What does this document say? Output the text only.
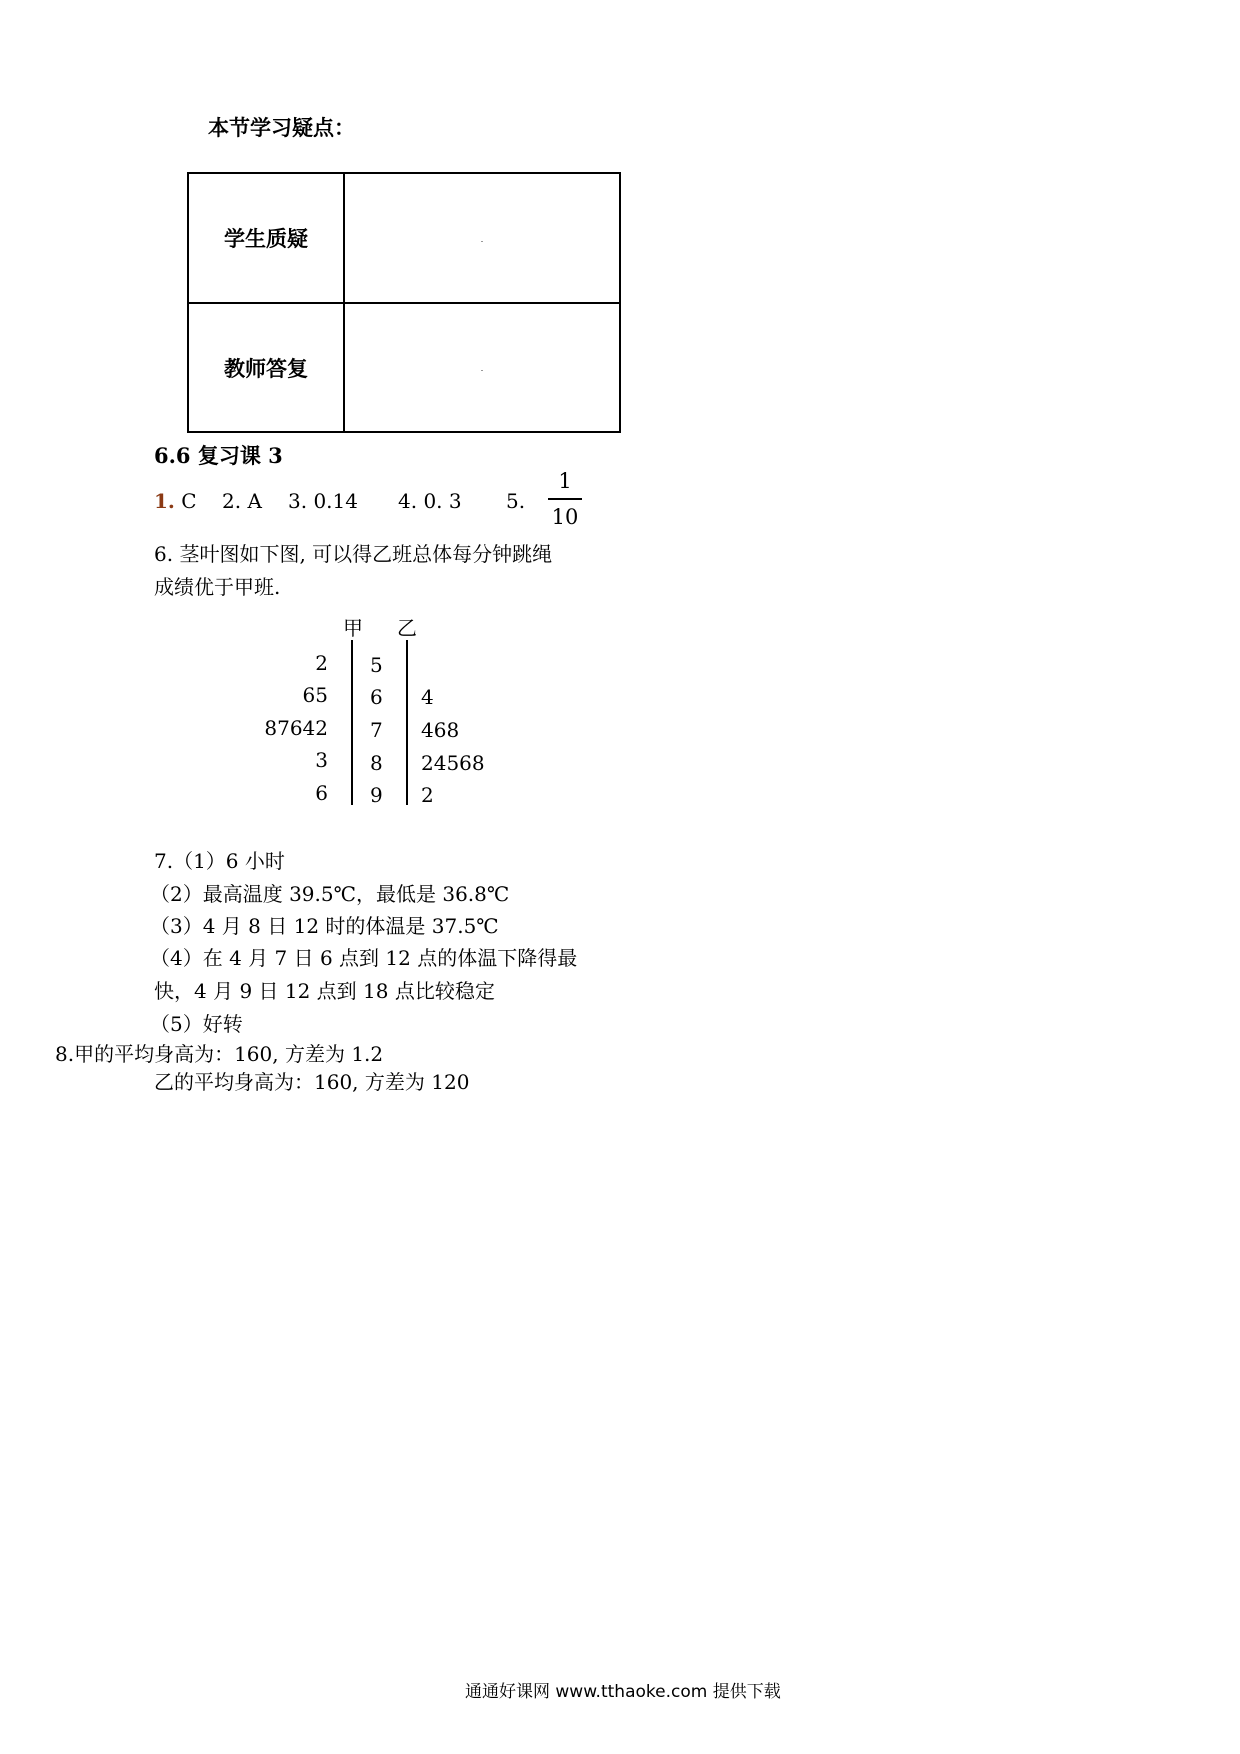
本节学习疑点：
学生质疑	

教师答复	
6.6 复习课 3
1. C 2. A 3. 0.14 4. 0. 3 5.
1
10
6. 茎叶图如下图, 可以得乙班总体每分钟跳绳
成绩优于甲班.
甲 乙
2 5
65 6 4
87642 7 468
3 8 24568
6 9 2
7.（1）6 小时
（2）最高温度 39.5℃，最低是 36.8℃
（3）4 月 8 日 12 时的体温是 37.5℃
（4）在 4 月 7 日 6 点到 12 点的体温下降得最
快，4 月 9 日 12 点到 18 点比较稳定
（5）好转
8.甲的平均身高为：160, 方差为 1.2
乙的平均身高为：160, 方差为 120
通通好课网 www.tthaoke.com 提供下载
